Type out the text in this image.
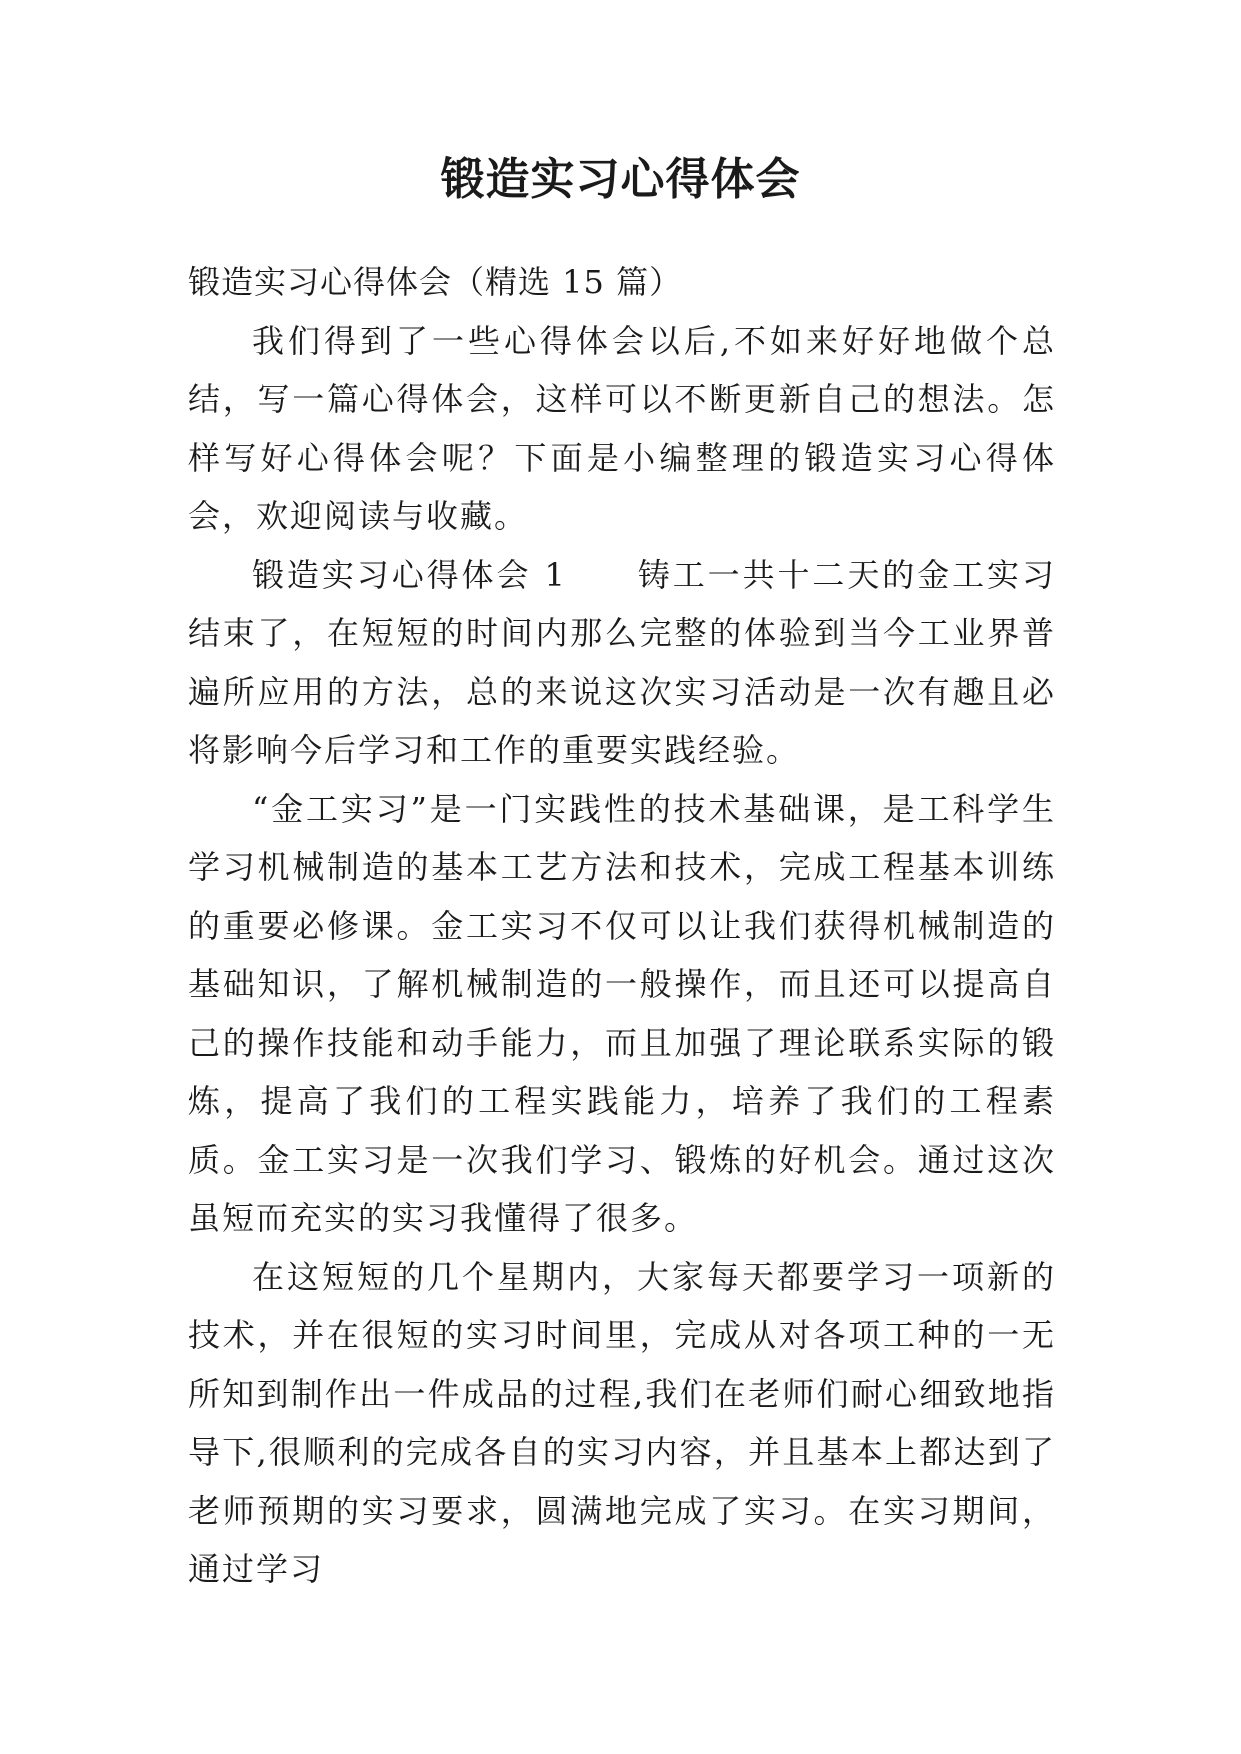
锻造实习心得体会

锻造实习心得体会（精选 15 篇）

我们得到了一些心得体会以后,不如来好好地做个总结，写一篇心得体会，这样可以不断更新自己的想法。怎样写好心得体会呢？下面是小编整理的锻造实习心得体会，欢迎阅读与收藏。

锻造实习心得体会 1 铸工一共十二天的金工实习结束了，在短短的时间内那么完整的体验到当今工业界普遍所应用的方法，总的来说这次实习活动是一次有趣且必将影响今后学习和工作的重要实践经验。

“金工实习”是一门实践性的技术基础课，是工科学生学习机械制造的基本工艺方法和技术，完成工程基本训练的重要必修课。金工实习不仅可以让我们获得机械制造的基础知识，了解机械制造的一般操作，而且还可以提高自己的操作技能和动手能力，而且加强了理论联系实际的锻炼，提高了我们的工程实践能力，培养了我们的工程素质。金工实习是一次我们学习、锻炼的好机会。通过这次虽短而充实的实习我懂得了很多。

在这短短的几个星期内，大家每天都要学习一项新的技术，并在很短的实习时间里，完成从对各项工种的一无所知到制作出一件成品的过程,我们在老师们耐心细致地指导下,很顺利的完成各自的实习内容，并且基本上都达到了老师预期的实习要求，圆满地完成了实习。在实习期间，通过学习
